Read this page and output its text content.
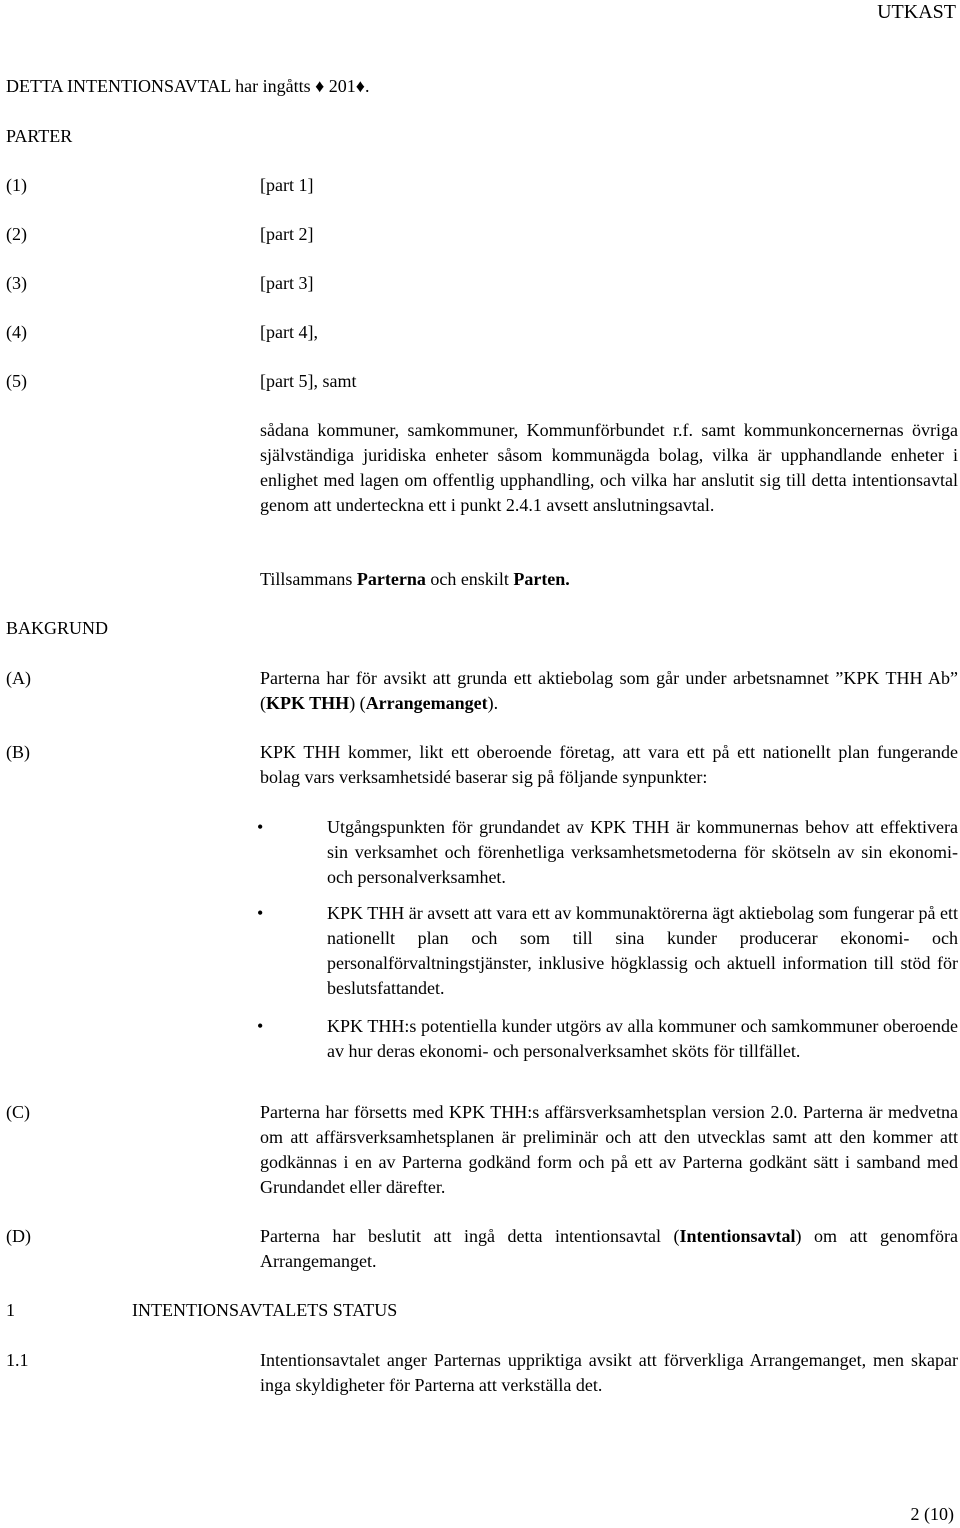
UTKAST
DETTA INTENTIONSAVTAL har ingåtts ♦ 201♦.
PARTER
(1)	[part 1]
(2)	[part 2]
(3)	[part 3]
(4)	[part 4],
(5)	[part 5], samt
sådana kommuner, samkommuner, Kommunförbundet r.f. samt kommunkoncernernas övriga självständiga juridiska enheter såsom kommunägda bolag, vilka är upphandlande enheter i enlighet med lagen om offentlig upphandling, och vilka har anslutit sig till detta intentionsavtal genom att underteckna ett i punkt 2.4.1 avsett anslutningsavtal.
Tillsammans Parterna och enskilt Parten.
BAKGRUND
(A)	Parterna har för avsikt att grunda ett aktiebolag som går under arbetsnamnet ”KPK THH Ab” (KPK THH) (Arrangemanget).
(B)	KPK THH kommer, likt ett oberoende företag, att vara ett på ett nationellt plan fungerande bolag vars verksamhetsidé baserar sig på följande synpunkter:
•	Utgångspunkten för grundandet av KPK THH är kommunernas behov att effektivera sin verksamhet och förenhetliga verksamhetsmetoderna för skötseln av sin ekonomi- och personalverksamhet.
•	KPK THH är avsett att vara ett av kommunaktörerna ägt aktiebolag som fungerar på ett nationellt plan och som till sina kunder producerar ekonomi- och personalförvaltningstjänster, inklusive högklassig och aktuell information till stöd för beslutsfattandet.
•	KPK THH:s potentiella kunder utgörs av alla kommuner och samkommuner oberoende av hur deras ekonomi- och personalverksamhet sköts för tillfället.
(C)	Parterna har försetts med KPK THH:s affärsverksamhetsplan version 2.0. Parterna är medvetna om att affärsverksamhetsplanen är preliminär och att den utvecklas samt att den kommer att godkännas i en av Parterna godkänd form och på ett av Parterna godkänt sätt i samband med Grundandet eller därefter.
(D)	Parterna har beslutit att ingå detta intentionsavtal (Intentionsavtal) om att genomföra Arrangemanget.
1	INTENTIONSAVTALETS STATUS
1.1	Intentionsavtalet anger Parternas uppriktiga avsikt att förverkliga Arrangemanget, men skapar inga skyldigheter för Parterna att verkställa det.
2 (10)
